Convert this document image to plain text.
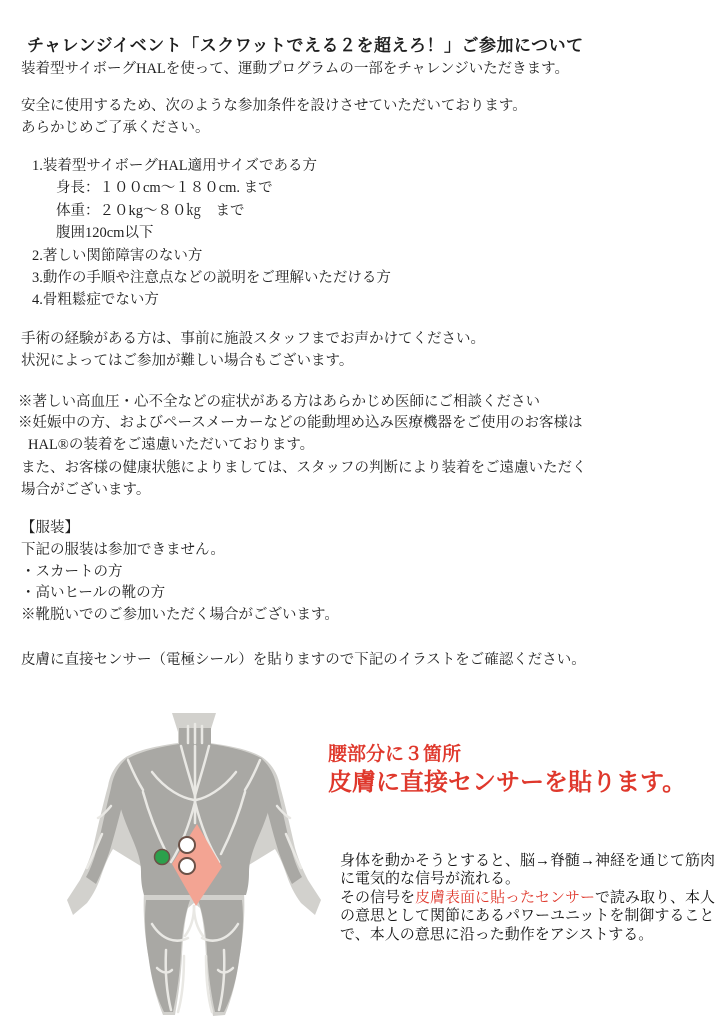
チャレンジイベント「スクワットでえる２を超えろ！」ご参加について

装着型サイボーグHALを使って、運動プログラムの一部をチャレンジいただきます。

安全に使用するため、次のような参加条件を設けさせていただいております。
あらかじめご了承ください。
1.装着型サイボーグHAL適用サイズである方
身長：１００cm～１８０cm. まで
体重：２０kg～８０㎏　まで
腹囲120cm以下
2.著しい関節障害のない方
3.動作の手順や注意点などの説明をご理解いただける方
4.骨粗鬆症でない方
手術の経験がある方は、事前に施設スタッフまでお声かけてください。
状況によってはご参加が難しい場合もございます。
※著しい高血圧・心不全などの症状がある方はあらかじめ医師にご相談ください
※妊娠中の方、およびペースメーカーなどの能動埋め込み医療機器をご使用のお客様は
HAL®の装着をご遠慮いただいております。
また、お客様の健康状態によりましては、スタッフの判断により装着をご遠慮いただく
場合がございます。
【服装】
下記の服装は参加できません。
・スカートの方
・高いヒールの靴の方
※靴脱いでのご参加いただく場合がございます。

皮膚に直接センサー（電極シール）を貼りますので下記のイラストをご確認ください。

腰部分に３箇所
皮膚に直接センサーを貼ります。
身体を動かそうとすると、脳→脊髄→神経を通じて筋肉
に電気的な信号が流れる。
その信号を皮膚表面に貼ったセンサーで読み取り、本人
の意思として関節にあるパワーユニットを制御すること
で、本人の意思に沿った動作をアシストする。
